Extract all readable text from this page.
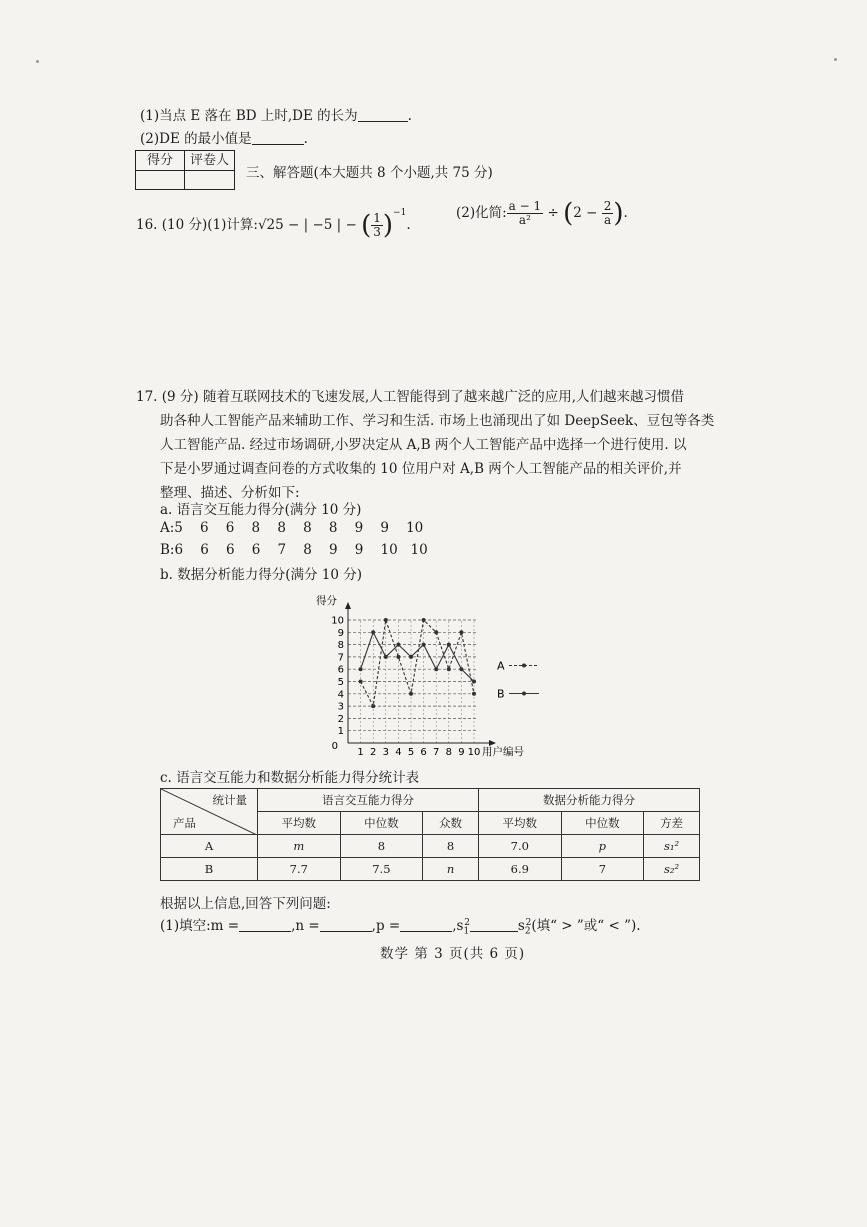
(1)当点 E 落在 BD 上时,DE 的长为	.
(2)DE 的最小值是	.
得分	评卷人
三、解答题(本大题共 8 个小题,共 75 分)
16. (10 分)(1)计算:√25 − | −5 | − ( $\frac{1}{3} )^{-1}$.
(2)化简: $\frac{a - 1}{\text{a²}} \div (2 - \frac{2}{a}$ ).
17. (9 分) 随着互联网技术的飞速发展,人工智能得到了越来越广泛的应用,人们越来越习惯借
助各种人工智能产品来辅助工作、学习和生活. 市场上也涌现出了如 DeepSeek、豆包等各类
人工智能产品. 经过市场调研,小罗决定从 A,B 两个人工智能产品中选择一个进行使用. 以
下是小罗通过调查问卷的方式收集的 10 位用户对 A,B 两个人工智能产品的相关评价,并
整理、描述、分析如下:
a. 语言交互能力得分(满分 10 分)
A:5    6    6    8    8    8    8    9    9    10
B:6    6    6    6    7    8    9    9    10   10
b. 数据分析能力得分(满分 10 分)
1
2
3
4
5
6
7
8
9
10
0
1 2 3 4 5 6 7 8 9 10
得分
用户编号
A
B
c. 语言交互能力和数据分析能力得分统计表
统计量
产品	语言交互能力得分			数据分析能力得分		
	平均数	中位数	众数	平均数	中位数	方差
A	m	8	8	7.0	p	s₁²
B	7.7	7.5	n	6.9	7	s₂²
根据以上信息,回答下列问题:
(1)填空:m =	,n =	,p =	$,s_1^2$	$s_2^2$(填“ > ”或“ < ”).
数学 第 3 页(共 6 页)
